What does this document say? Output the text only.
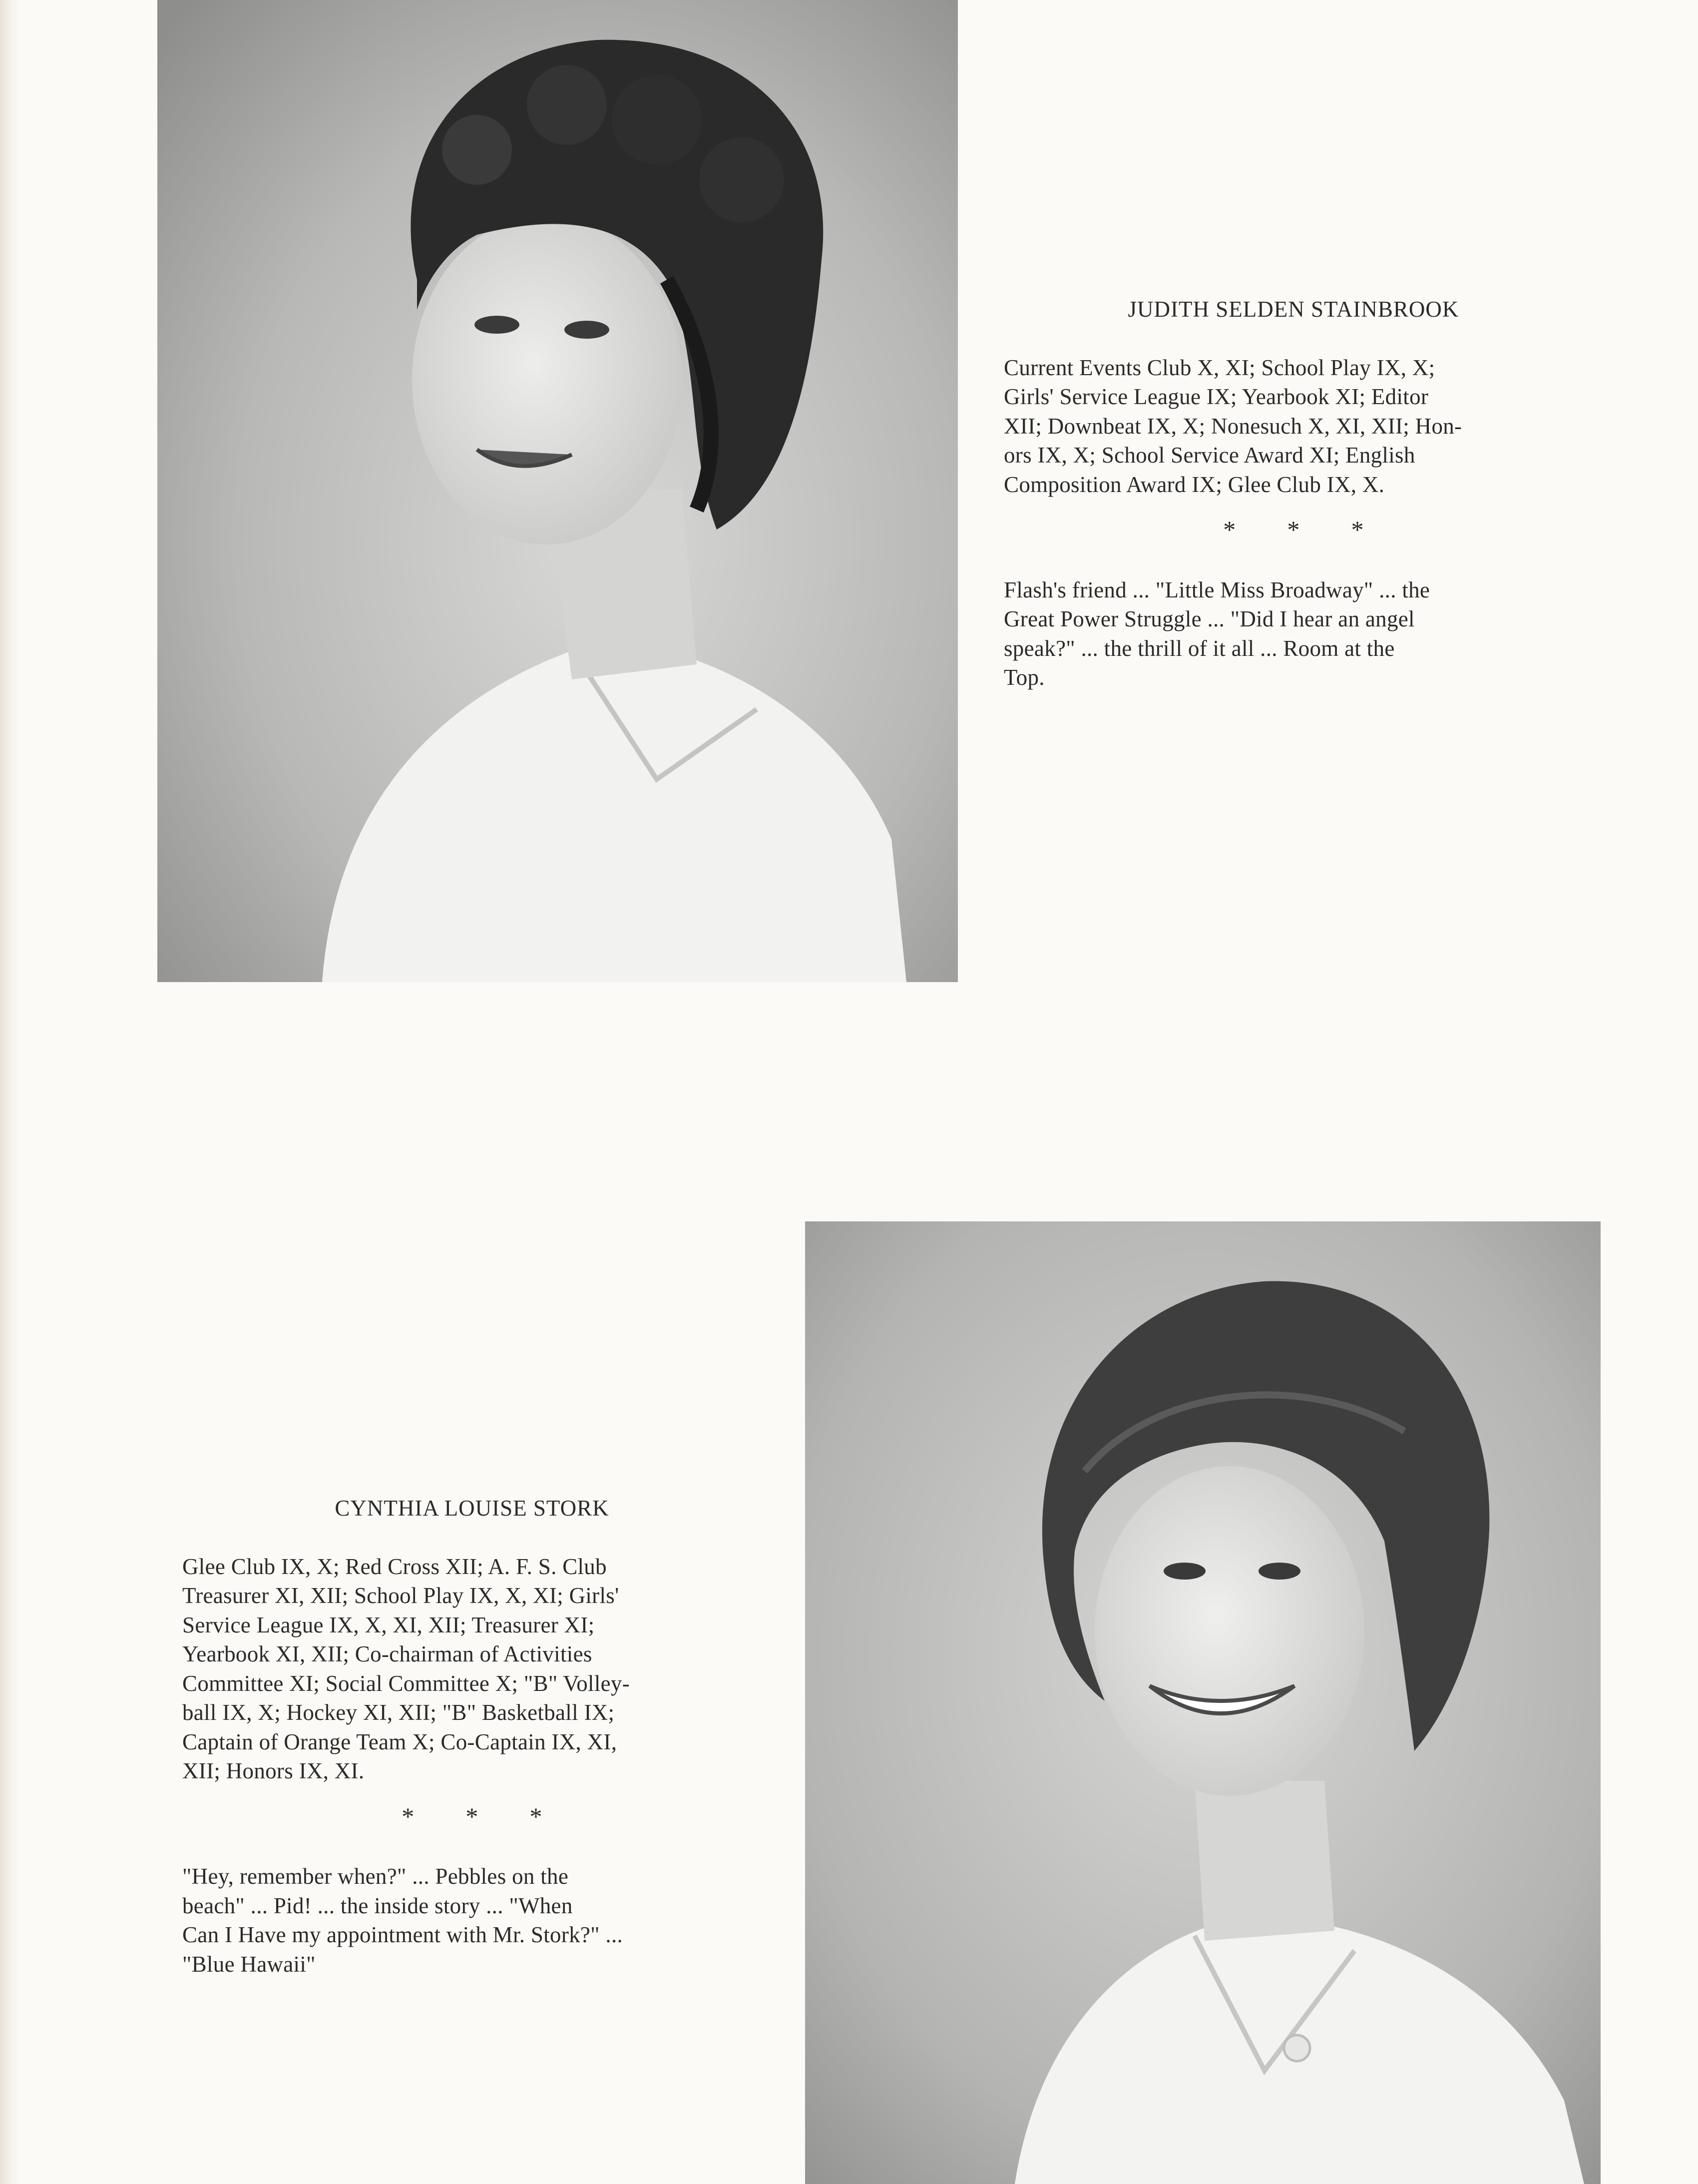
JUDITH SELDEN STAINBROOK

Current Events Club X, XI; School Play IX, X;
Girls' Service League IX; Yearbook XI; Editor
XII; Downbeat IX, X; Nonesuch X, XI, XII; Hon-
ors IX, X; School Service Award XI; English
Composition Award IX; Glee Club IX, X.

* * *

Flash's friend ... "Little Miss Broadway" ... the
Great Power Struggle ... "Did I hear an angel
speak?" ... the thrill of it all ... Room at the
Top.

CYNTHIA LOUISE STORK

Glee Club IX, X; Red Cross XII; A. F. S. Club
Treasurer XI, XII; School Play IX, X, XI; Girls'
Service League IX, X, XI, XII; Treasurer XI;
Yearbook XI, XII; Co-chairman of Activities
Committee XI; Social Committee X; "B" Volley-
ball IX, X; Hockey XI, XII; "B" Basketball IX;
Captain of Orange Team X; Co-Captain IX, XI,
XII; Honors IX, XI.

* * *

"Hey, remember when?" ... Pebbles on the
beach" ... Pid! ... the inside story ... "When
Can I Have my appointment with Mr. Stork?" ...
"Blue Hawaii"
